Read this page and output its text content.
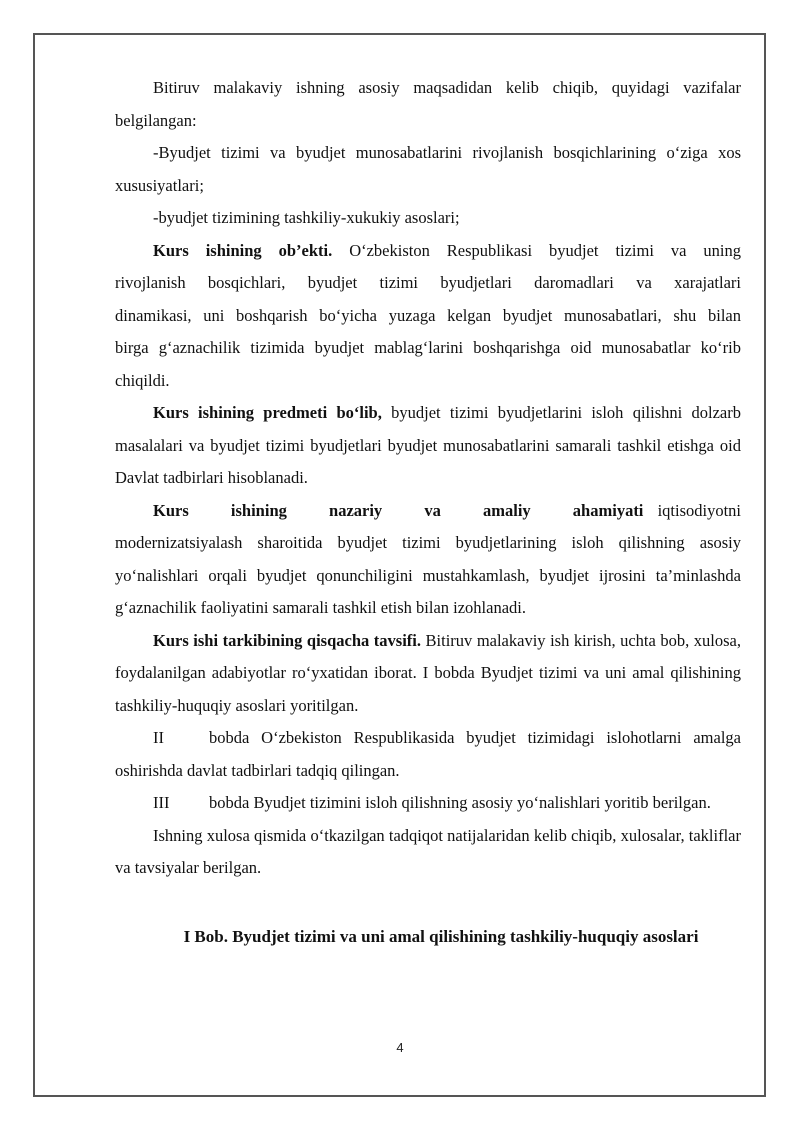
Bitiruv malakaviy ishning asosiy maqsadidan kelib chiqib, quyidagi vazifalar belgilangan:

-Byudjet tizimi va byudjet munosabatlarini rivojlanish bosqichlarining o‘ziga xos xususiyatlari;

-byudjet tizimining tashkiliy-xukukiy asoslari;

Kurs ishining ob’ekti. O‘zbekiston Respublikasi byudjet tizimi va uning rivojlanish bosqichlari, byudjet tizimi byudjetlari daromadlari va xarajatlari dinamikasi, uni boshqarish bo‘yicha yuzaga kelgan byudjet munosabatlari, shu bilan birga g‘aznachilik tizimida byudjet mablag‘larini boshqarishga oid munosabatlar ko‘rib chiqildi.

Kurs ishining predmeti bo‘lib, byudjet tizimi byudjetlarini isloh qilishni dolzarb masalalari va byudjet tizimi byudjetlari byudjet munosabatlarini samarali tashkil etishga oid Davlat tadbirlari hisoblanadi.

Kurs ishining nazariy va amaliy ahamiyati iqtisodiyotni modernizatsiyalash sharoitida byudjet tizimi byudjetlarining isloh qilishning asosiy yo‘nalishlari orqali byudjet qonunchiligini mustahkamlash, byudjet ijrosini ta’minlashda g‘aznachilik faoliyatini samarali tashkil etish bilan izohlanadi.

Kurs ishi tarkibining qisqacha tavsifi. Bitiruv malakaviy ish kirish, uchta bob, xulosa, foydalanilgan adabiyotlar ro‘yxatidan iborat. I bobda Byudjet tizimi va uni amal qilishining tashkiliy-huquqiy asoslari yoritilgan.

II	bobda O‘zbekiston Respublikasida byudjet tizimidagi islohotlarni amalga oshirishda davlat tadbirlari tadqiq qilingan.

III bobda Byudjet tizimini isloh qilishning asosiy yo‘nalishlari yoritib berilgan.

Ishning xulosa qismida o‘tkazilgan tadqiqot natijalaridan kelib chiqib, xulosalar, takliflar va tavsiyalar berilgan.

I Bob. Byudjet tizimi va uni amal qilishining tashkiliy-huquqiy asoslari

4
